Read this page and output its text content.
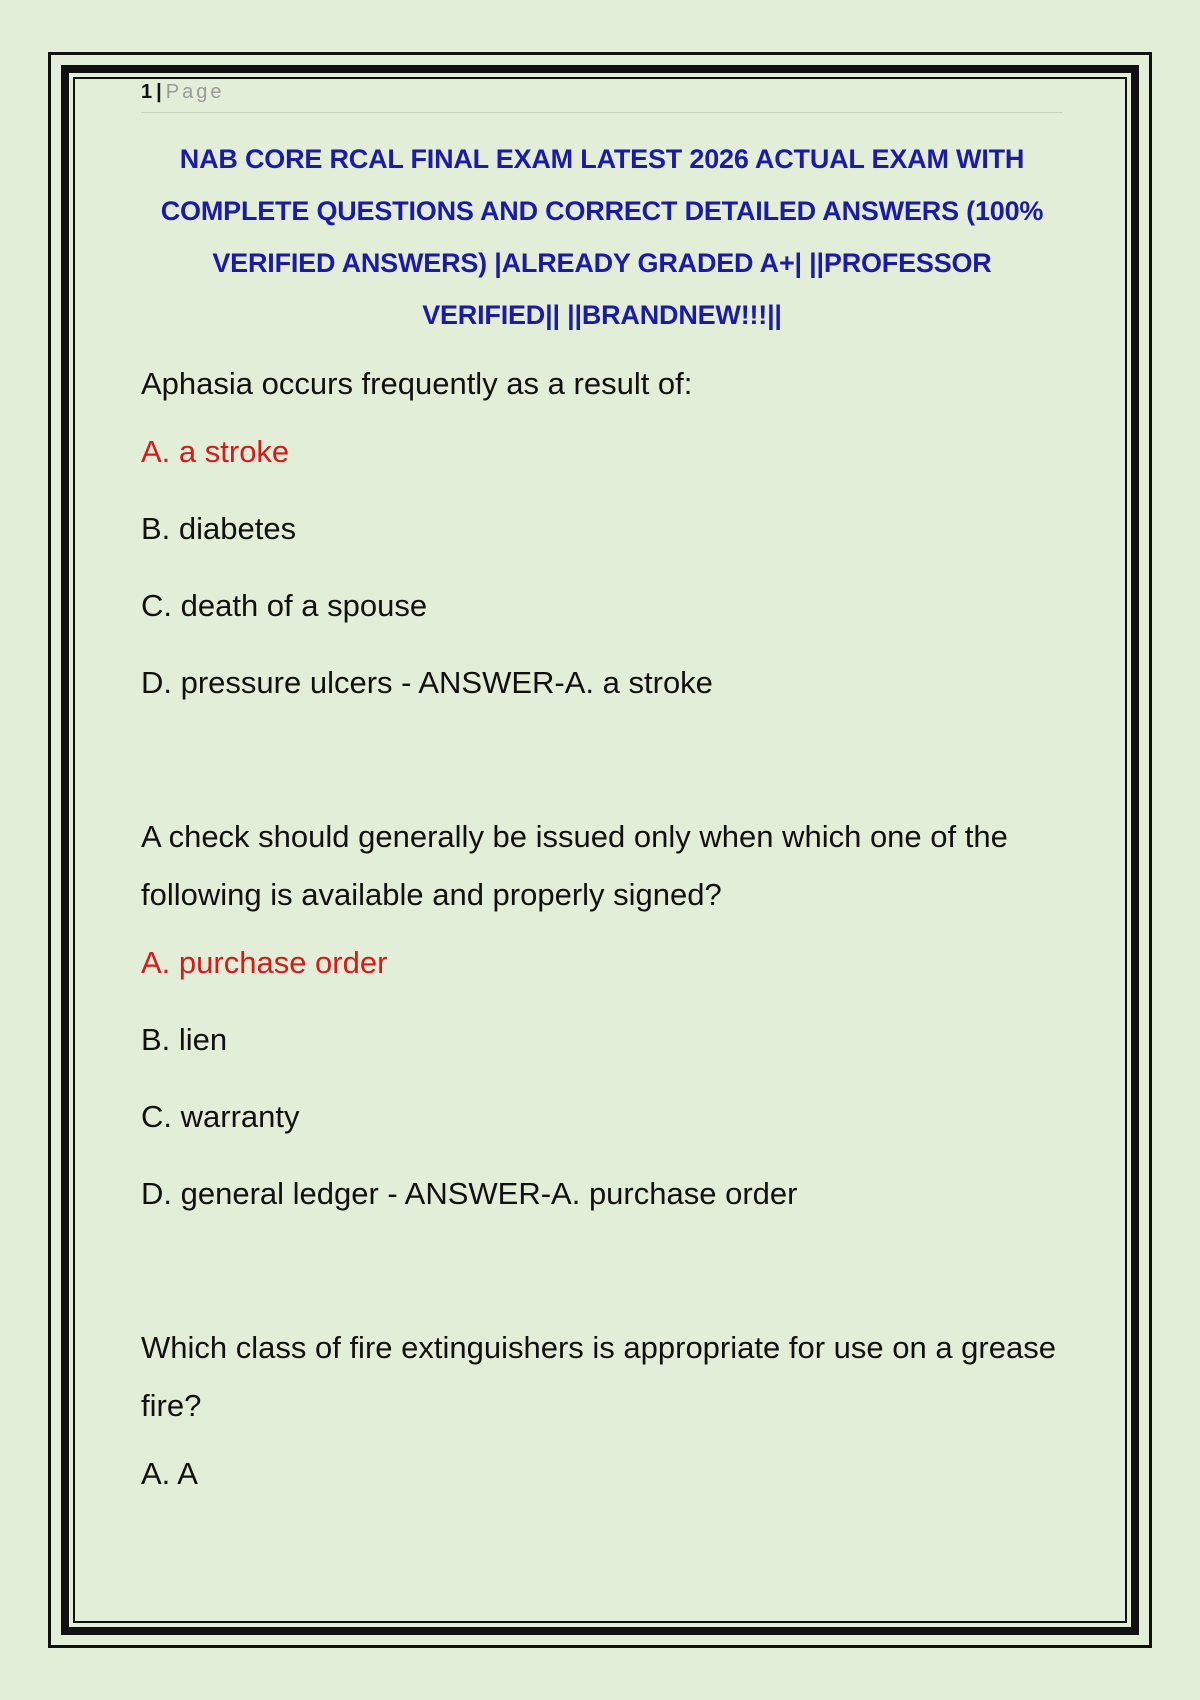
1 | Page
NAB CORE RCAL FINAL EXAM LATEST 2026 ACTUAL EXAM WITH COMPLETE QUESTIONS AND CORRECT DETAILED ANSWERS (100% VERIFIED ANSWERS) |ALREADY GRADED A+| ||PROFESSOR VERIFIED|| ||BRANDNEW!!!||

Aphasia occurs frequently as a result of:

A. a stroke

B. diabetes

C. death of a spouse

D. pressure ulcers - ANSWER-A. a stroke

A check should generally be issued only when which one of the following is available and properly signed?

A. purchase order

B. lien

C. warranty

D. general ledger - ANSWER-A. purchase order

Which class of fire extinguishers is appropriate for use on a grease fire?

A. A
